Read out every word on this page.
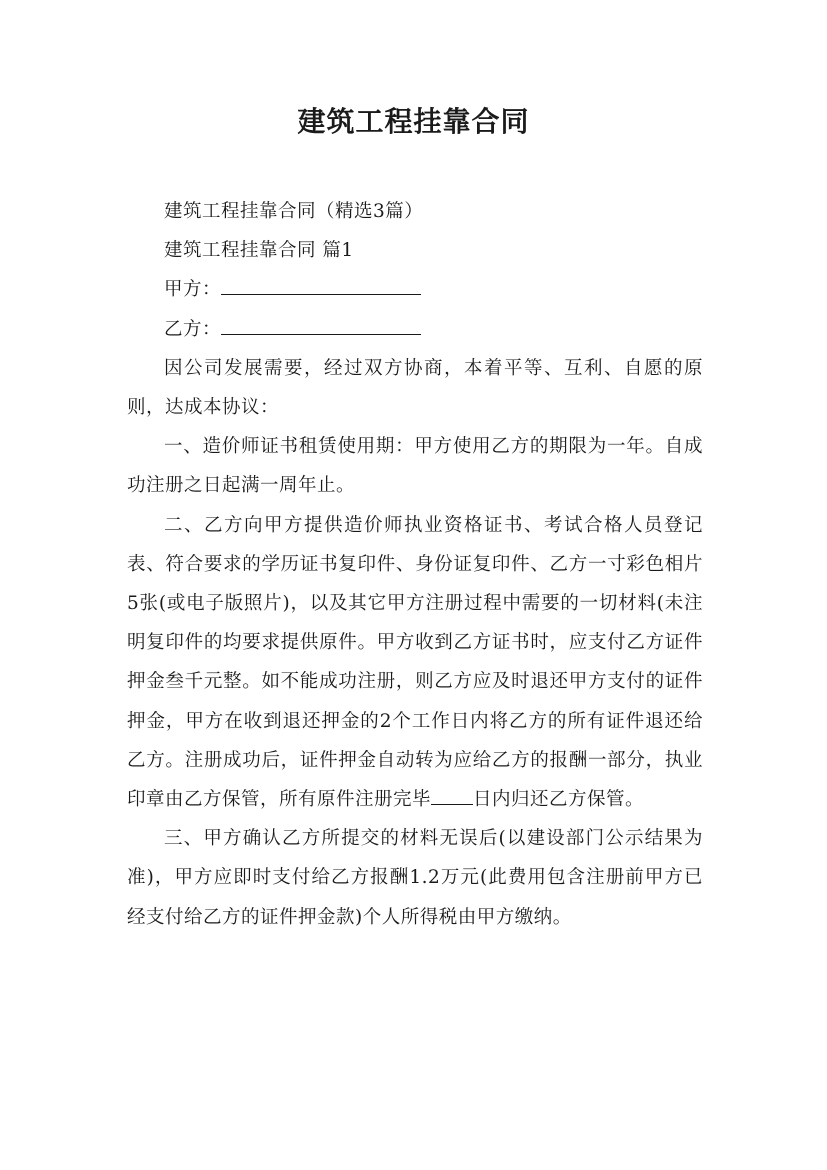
建筑工程挂靠合同

建筑工程挂靠合同（精选3篇）

建筑工程挂靠合同 篇1

甲方：

乙方：

因公司发展需要，经过双方协商，本着平等、互利、自愿的原则，达成本协议：

一、造价师证书租赁使用期：甲方使用乙方的期限为一年。自成功注册之日起满一周年止。

二、乙方向甲方提供造价师执业资格证书、考试合格人员登记表、符合要求的学历证书复印件、身份证复印件、乙方一寸彩色相片5张(或电子版照片)，以及其它甲方注册过程中需要的一切材料(未注明复印件的均要求提供原件。甲方收到乙方证书时，应支付乙方证件押金叁千元整。如不能成功注册，则乙方应及时退还甲方支付的证件押金，甲方在收到退还押金的2个工作日内将乙方的所有证件退还给乙方。注册成功后，证件押金自动转为应给乙方的报酬一部分，执业印章由乙方保管，所有原件注册完毕 日内归还乙方保管。

三、甲方确认乙方所提交的材料无误后(以建设部门公示结果为准)，甲方应即时支付给乙方报酬1.2万元(此费用包含注册前甲方已经支付给乙方的证件押金款)个人所得税由甲方缴纳。
